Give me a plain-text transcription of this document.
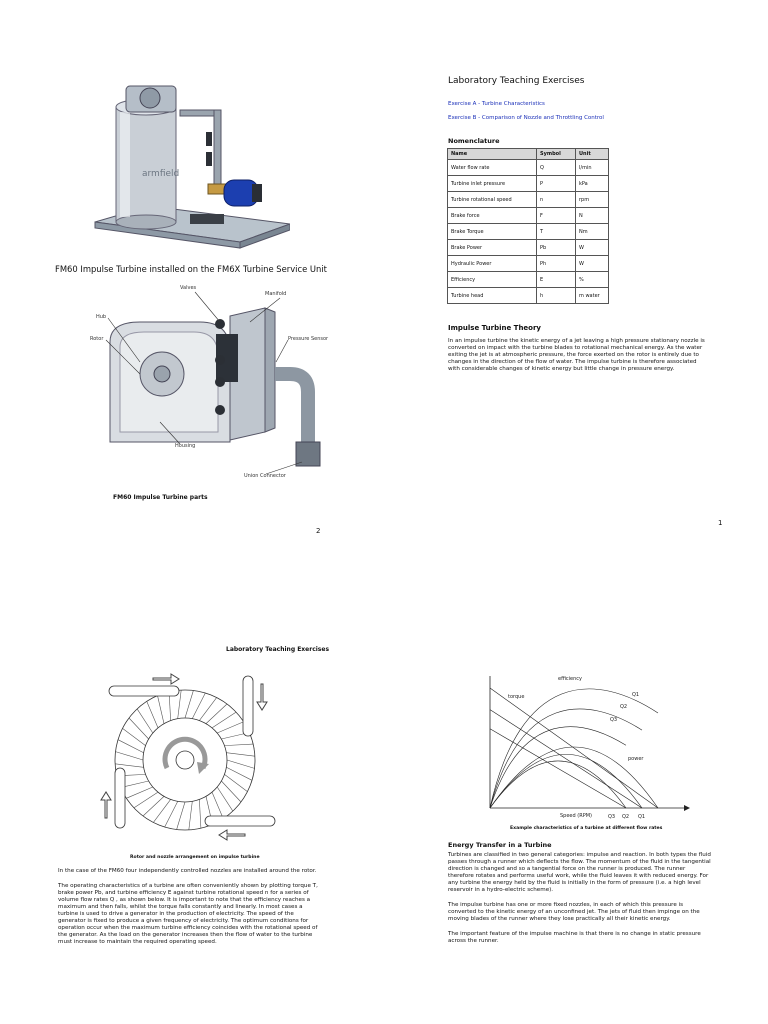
armfield
FM60 Impulse Turbine installed on the FM6X Turbine Service Unit
Valves
Manifold
Hub
Rotor	Pressure Sensor
Housing
Union Connector
FM60 Impulse Turbine parts
2
Laboratory Teaching Exercises
Exercise A - Turbine Characteristics
Exercise B - Comparison of Nozzle and Throttling Control
Nomenclature
Name	Symbol	Unit
Water flow rate	Q	l/min
Turbine inlet pressure	P	kPa
Turbine rotational speed	n	rpm
Brake force	F	N
Brake Torque	T	Nm
Brake Power	Pb	W
Hydraulic Power	Ph	W
Efficiency	E	%
Turbine head	h	m water
Impulse Turbine Theory
In an impulse turbine the kinetic energy of a jet leaving a high pressure stationary nozzle is converted on impact with the turbine blades to rotational mechanical energy. As the water exiting the jet is at atmospheric pressure, the force exerted on the rotor is entirely due to changes in the direction of the flow of water. The impulse turbine is therefore associated with considerable changes of kinetic energy but little change in pressure energy.
1
Laboratory Teaching Exercises
Rotor and nozzle arrangement on impulse turbine

In the case of the FM60 four independently controlled nozzles are installed around the rotor.

The operating characteristics of a turbine are often conveniently shown by plotting torque T, brake power Pb, and turbine efficiency E against turbine rotational speed n for a series of volume flow rates Q , as shown below. It is important to note that the efficiency reaches a maximum and then falls, whilst the torque falls constantly and linearly. In most cases a turbine is used to drive a generator in the production of electricity. The speed of the generator is fixed to produce a given frequency of electricity. The optimum conditions for operation occur when the maximum turbine efficiency coincides with the rotational speed of the generator. As the load on the generator increases then the flow of water to the turbine must increase to maintain the required operating speed.

efficiency
torque
power
Q1
Q2
Q3
Speed (RPM)	Q3 Q2 Q1
Example characteristics of a turbine at different flow rates
Energy Transfer in a Turbine

Turbines are classified in two general categories: impulse and reaction. In both types the fluid passes through a runner which deflects the flow. The momentum of the fluid in the tangential direction is changed and so a tangential force on the runner is produced. The runner therefore rotates and performs useful work, while the fluid leaves it with reduced energy. For any turbine the energy held by the fluid is initially in the form of pressure (i.e. a high level reservoir in a hydro-electric scheme).

The impulse turbine has one or more fixed nozzles, in each of which this pressure is converted to the kinetic energy of an unconfined jet. The jets of fluid then impinge on the moving blades of the runner where they lose practically all their kinetic energy.

The important feature of the impulse machine is that there is no change in static pressure across the runner.
